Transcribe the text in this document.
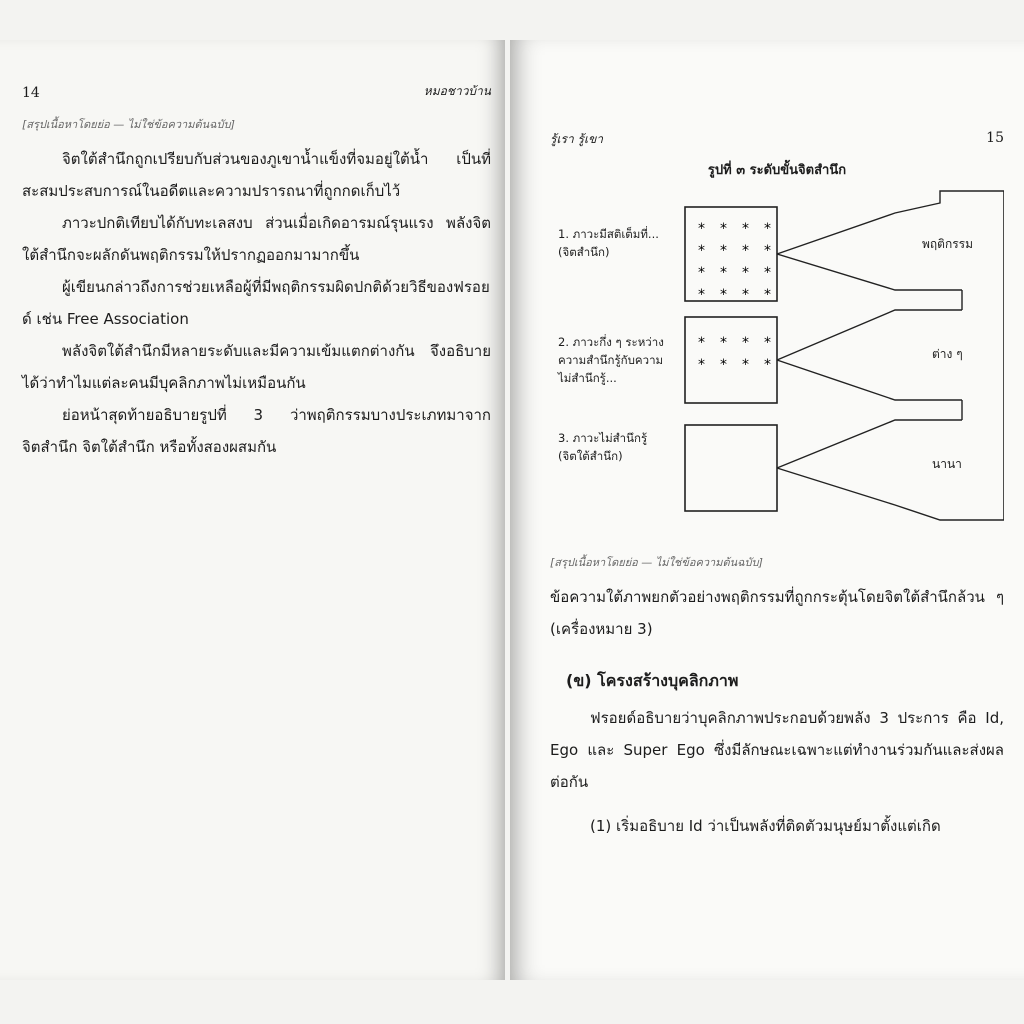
14	หมอชาวบ้าน

[สรุปเนื้อหาโดยย่อ — ไม่ใช่ข้อความต้นฉบับ]

จิตใต้สำนึกถูกเปรียบกับส่วนของภูเขาน้ำแข็งที่จมอยู่ใต้น้ำ เป็นที่สะสมประสบการณ์ในอดีตและความปรารถนาที่ถูกกดเก็บไว้

ภาวะปกติเทียบได้กับทะเลสงบ ส่วนเมื่อเกิดอารมณ์รุนแรง พลังจิตใต้สำนึกจะผลักดันพฤติกรรมให้ปรากฏออกมามากขึ้น

ผู้เขียนกล่าวถึงการช่วยเหลือผู้ที่มีพฤติกรรมผิดปกติด้วยวิธีของฟรอยด์ เช่น Free Association

พลังจิตใต้สำนึกมีหลายระดับและมีความเข้มแตกต่างกัน จึงอธิบายได้ว่าทำไมแต่ละคนมีบุคลิกภาพไม่เหมือนกัน

ย่อหน้าสุดท้ายอธิบายรูปที่ 3 ว่าพฤติกรรมบางประเภทมาจากจิตสำนึก จิตใต้สำนึก หรือทั้งสองผสมกัน

รู้เรา รู้เขา	15
รูปที่ ๓ ระดับขั้นจิตสำนึก
1. ภาวะมีสติเต็มที่...
(จิตสำนึก)
2. ภาวะกึ่ง ๆ ระหว่าง
ความสำนึกรู้กับความ
ไม่สำนึกรู้...
3. ภาวะไม่สำนึกรู้
(จิตใต้สำนึก)
* * * *
* * * *
* * * *
* * * *
* * * *
* * * *
พฤติกรรม
ต่าง ๆ
นานา

[สรุปเนื้อหาโดยย่อ — ไม่ใช่ข้อความต้นฉบับ]

ข้อความใต้ภาพยกตัวอย่างพฤติกรรมที่ถูกกระตุ้นโดยจิตใต้สำนึกล้วน ๆ (เครื่องหมาย 3)

(ข) โครงสร้างบุคลิกภาพ

ฟรอยด์อธิบายว่าบุคลิกภาพประกอบด้วยพลัง 3 ประการ คือ Id, Ego และ Super Ego ซึ่งมีลักษณะเฉพาะแต่ทำงานร่วมกันและส่งผลต่อกัน

(1) เริ่มอธิบาย Id ว่าเป็นพลังที่ติดตัวมนุษย์มาตั้งแต่เกิด
